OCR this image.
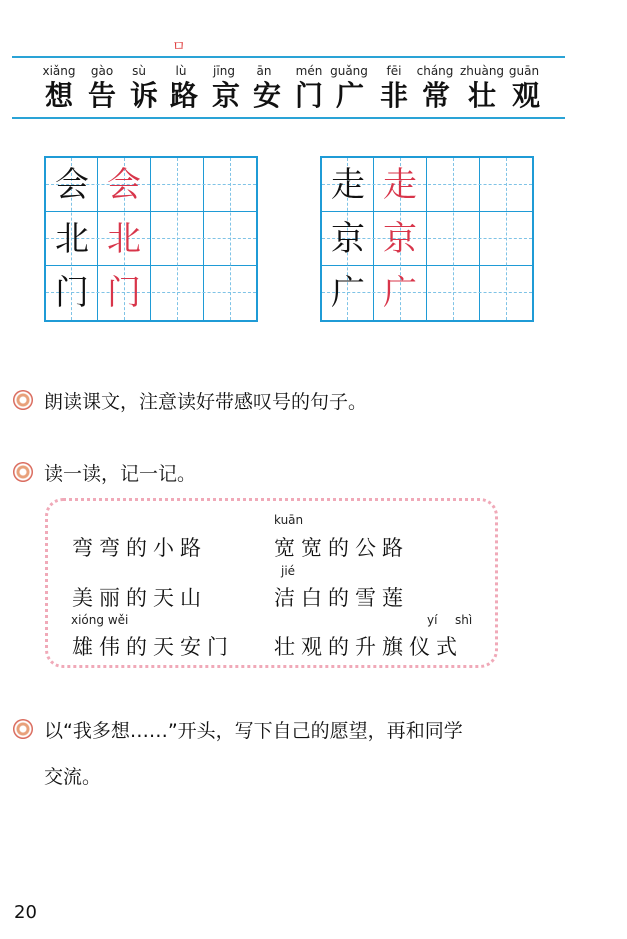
ㅁ
xiǎng gào sù lù jīng ān mén guǎng fēi cháng zhuàng guān
想 告 诉 路 京 安 门 广 非 常 壮 观
会 会
北 北
门 门
走 走
京 京
广 广
朗读课文，注意读好带感叹号的句子。
读一读，记一记。
kuān
jié
xióng wěi	yí shì
弯弯的小路
美丽的天山
雄伟的天安门
宽宽的公路
洁白的雪莲
壮观的升旗仪式
以“我多想……”开头，写下自己的愿望，再和同学
交流。
20
